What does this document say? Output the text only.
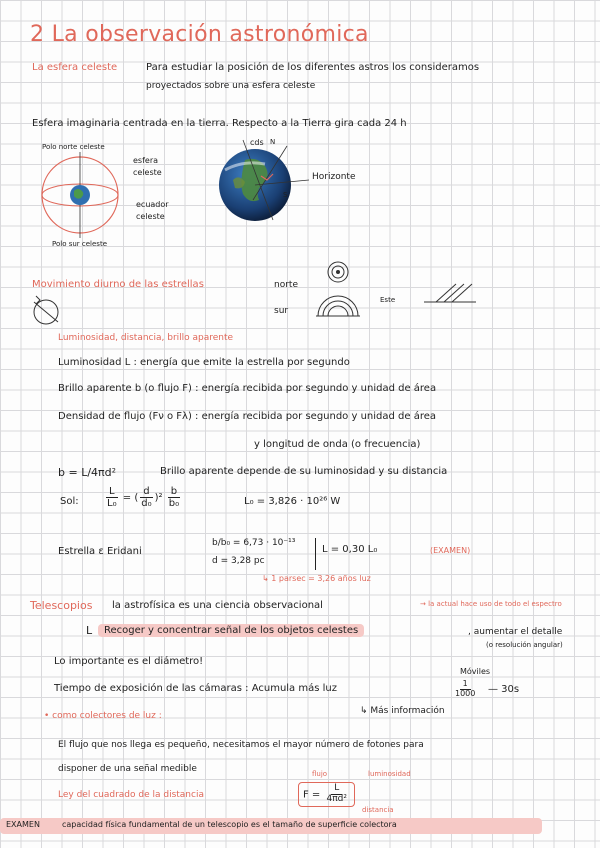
2 La observación astronómica
La esfera celeste	Para estudiar la posición de los diferentes astros los consideramos
proyectados sobre una esfera celeste
Esfera imaginaria centrada en la tierra. Respecto a la Tierra gira cada 24 h
Polo norte celeste
esfera
celeste
ecuador
celeste
Polo sur celeste
cds N
S
Horizonte
Movimiento diurno de las estrellas	norte
sur
Este
Luminosidad, distancia, brillo aparente
Luminosidad L : energía que emite la estrella por segundo
Brillo aparente b (o flujo F) : energía recibida por segundo y unidad de área
Densidad de flujo (Fν o Fλ) : energía recibida por segundo y unidad de área
y longitud de onda (o frecuencia)
b = L/4πd²	Brillo aparente depende de su luminosidad y su distancia
Sol:	$\frac{L}{\text{L₀}}$ = ( $\frac{d}{\text{d₀}} )^2 \frac{b}{\text{b₀}}$	L₀ = 3,826 · 10²⁶ W
Estrella ε Eridani
b/b₀ = 6,73 · 10⁻¹³
d = 3,28 pc
L = 0,30 L₀	(EXAMEN)
↳ 1 parsec = 3,26 años luz
Telescopios la astrofísica es una ciencia observacional	→ la actual hace uso de todo el espectro
L	Recoger y concentrar señal de los objetos celestes	, aumentar el detalle
(o resolución angular)
Lo importante es el diámetro!
Móviles
Tiempo de exposición de las cámaras : Acumula más luz	$\frac{1}{1000}$ — 30s
↳ Más información
• como colectores de luz :
El flujo que nos llega es pequeño, necesitamos el mayor número de fotones para
disponer de una señal medible
Ley del cuadrado de la distancia
flujo	luminosidad
$F = \frac{L}{\text{4πd²}}$
distancia
EXAMEN	capacidad física fundamental de un telescopio es el tamaño de superficie colectora
